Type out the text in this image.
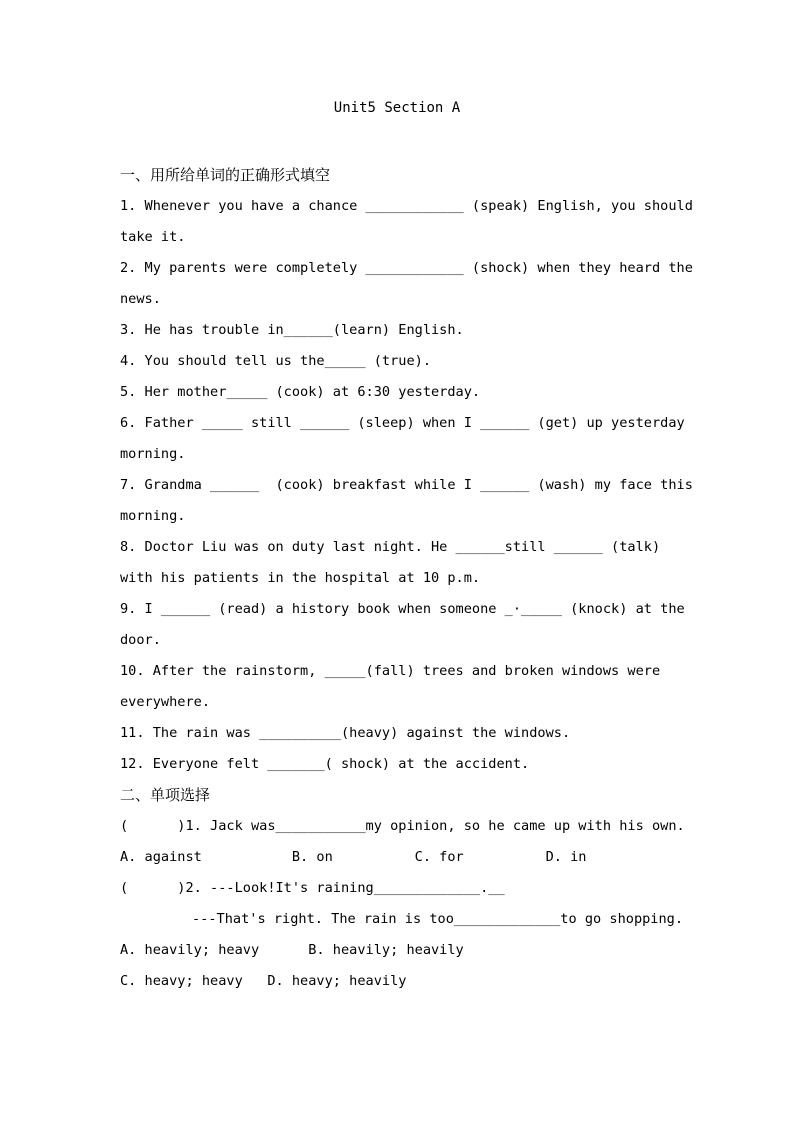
Unit5 Section A
一、用所给单词的正确形式填空
1. Whenever you have a chance ____________ (speak) English, you should
take it.
2. My parents were completely ____________ (shock) when they heard the
news.
3. He has trouble in______(learn) English.
4. You should tell us the_____ (true).
5. Her mother_____ (cook) at 6:30 yesterday.
6. Father _____ still ______ (sleep) when I ______ (get) up yesterday
morning.
7. Grandma ______  (cook) breakfast while I ______ (wash) my face this
morning.
8. Doctor Liu was on duty last night. He ______still ______ (talk)
with his patients in the hospital at 10 p.m.
9. I ______ (read) a history book when someone _·_____ (knock) at the
door.
10. After the rainstorm, _____(fall) trees and broken windows were
everywhere.
11. The rain was __________(heavy) against the windows.
12. Everyone felt _______( shock) at the accident.
二、单项选择
(      )1. Jack was___________my opinion, so he came up with his own.
A. against           B. on          C. for          D. in
(      )2. ---Look!It's raining_____________.__
---That's right. The rain is too_____________to go shopping.
A. heavily; heavy      B. heavily; heavily
C. heavy; heavy   D. heavy; heavily
